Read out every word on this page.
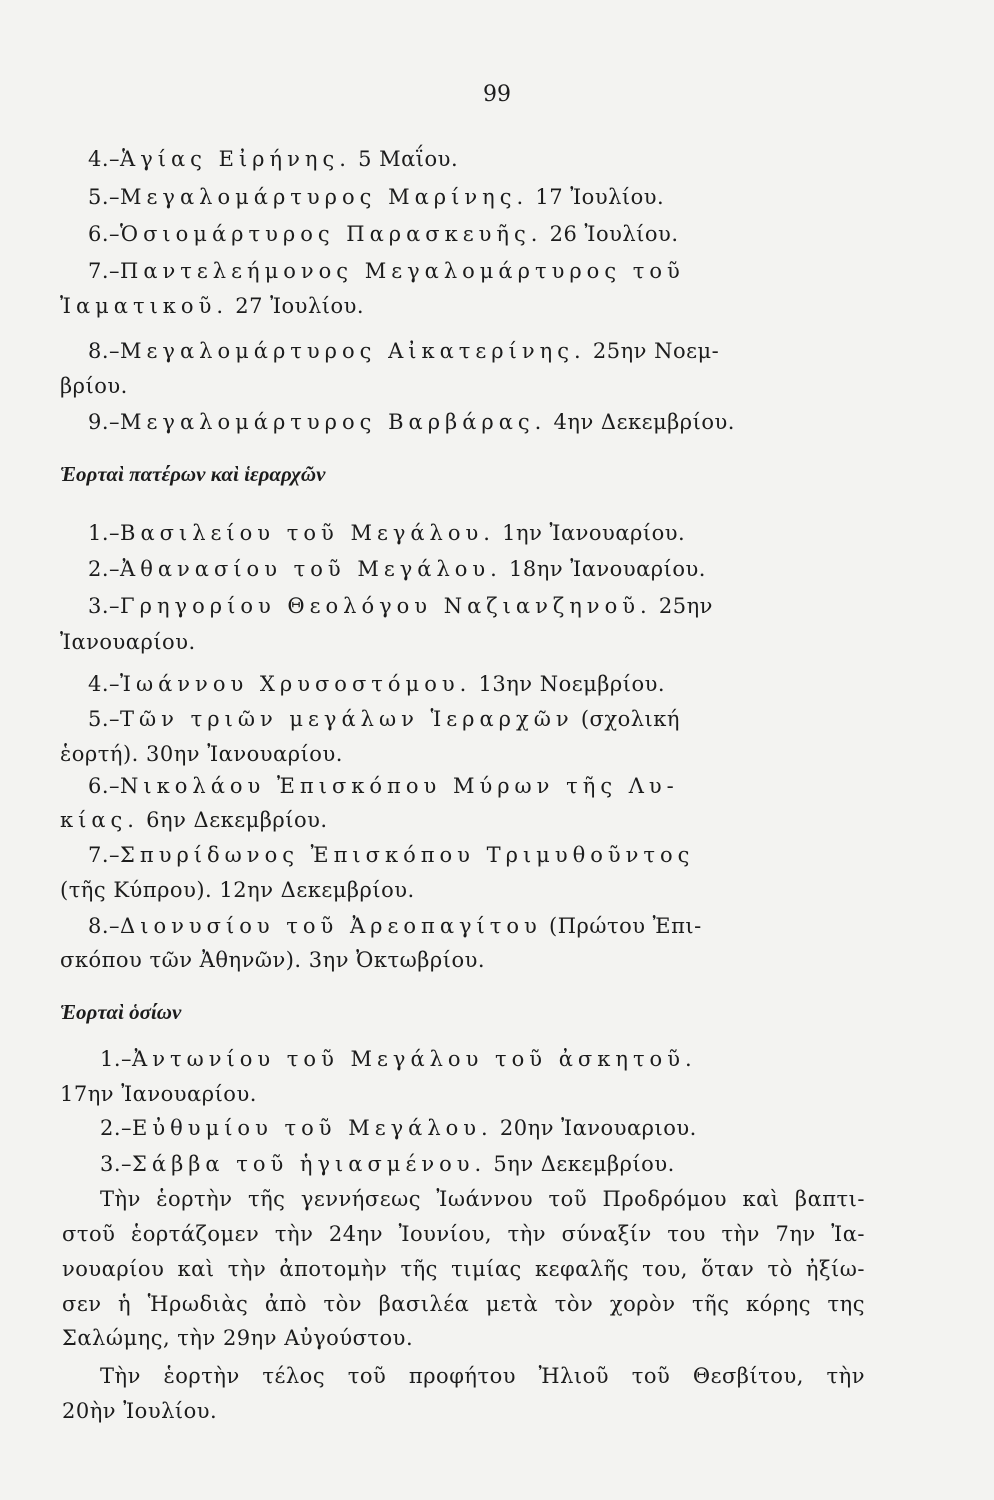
99
4.–Ἁγίας Εἰρήνης. 5 Μαΐου.
5.–Μεγαλομάρτυρος Μαρίνης. 17 Ἰουλίου.
6.–Ὁσιομάρτυρος Παρασκευῆς. 26 Ἰουλίου.
7.–Παντελεήμονος Μεγαλομάρτυρος τοῦ
Ἰαματικοῦ. 27 Ἰουλίου.
8.–Μεγαλομάρτυρος Αἰκατερίνης. 25ην Νοεμ-
βρίου.
9.–Μεγαλομάρτυρος Βαρβάρας. 4ην Δεκεμβρίου.
Ἑορταὶ πατέρων καὶ ἱεραρχῶν
1.–Βασιλείου τοῦ Μεγάλου. 1ην Ἰανουαρίου.
2.–Ἀθανασίου τοῦ Μεγάλου. 18ην Ἰανουαρίου.
3.–Γρηγορίου Θεολόγου Ναζιανζηνοῦ. 25ην
Ἰανουαρίου.
4.–Ἰωάννου Χρυσοστόμου. 13ην Νοεμβρίου.
5.–Τῶν τριῶν μεγάλων Ἱεραρχῶν (σχολική
ἑορτή). 30ην Ἰανουαρίου.
6.–Νικολάου Ἐπισκόπου Μύρων τῆς Λυ-
κίας. 6ην Δεκεμβρίου.
7.–Σπυρίδωνος Ἐπισκόπου Τριμυθοῦντος
(τῆς Κύπρου). 12ην Δεκεμβρίου.
8.–Διονυσίου τοῦ Ἀρεοπαγίτου (Πρώτου Ἐπι-
σκόπου τῶν Ἀθηνῶν). 3ην Ὀκτωβρίου.
Ἑορταὶ ὁσίων
1.–Ἀντωνίου τοῦ Μεγάλου τοῦ ἀσκητοῦ.
17ην Ἰανουαρίου.
2.–Εὐθυμίου τοῦ Μεγάλου. 20ην Ἰανουαριου.
3.–Σάββα τοῦ ἡγιασμένου. 5ην Δεκεμβρίου.
Τὴν ἑορτὴν τῆς γεννήσεως Ἰωάννου τοῦ Προδρόμου καὶ βαπτι-
στοῦ ἑορτάζομεν τὴν 24ην Ἰουνίου, τὴν σύναξίν του τὴν 7ην Ἰα-
νουαρίου καὶ τὴν ἀποτομὴν τῆς τιμίας κεφαλῆς του, ὅταν τὸ ἠξίω-
σεν ἡ Ἡρωδιὰς ἀπὸ τὸν βασιλέα μετὰ τὸν χορὸν τῆς κόρης της
Σαλώμης, τὴν 29ην Αὐγούστου.
Τὴν ἑορτὴν τέλος τοῦ προφήτου Ἠλιοῦ τοῦ Θεσβίτου, τὴν
20ὴν Ἰουλίου.
